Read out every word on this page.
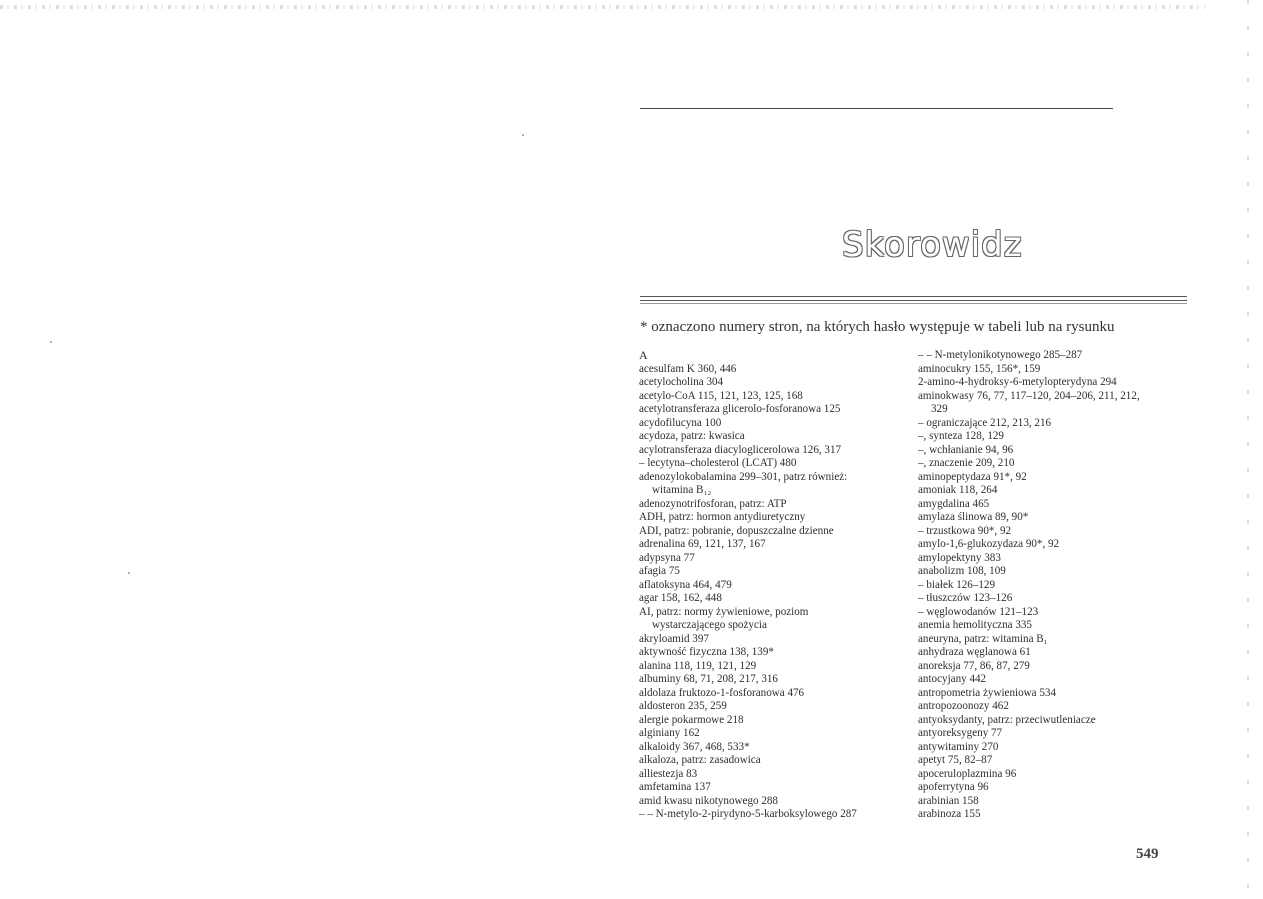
Skorowidz
* oznaczono numery stron, na których hasło występuje w tabeli lub na rysunku
A
acesulfam K 360, 446
acetylocholina 304
acetylo-CoA 115, 121, 123, 125, 168
acetylotransferaza glicerolo-fosforanowa 125
acydofilucyna 100
acydoza, patrz: kwasica
acylotransferaza diacyloglicerolowa 126, 317
– lecytyna–cholesterol (LCAT) 480
adenozylokobalamina 299–301, patrz również:
witamina B₁₂
adenozynotrifosforan, patrz: ATP
ADH, patrz: hormon antydiuretyczny
ADI, patrz: pobranie, dopuszczalne dzienne
adrenalina 69, 121, 137, 167
adypsyna 77
afagia 75
aflatoksyna 464, 479
agar 158, 162, 448
AI, patrz: normy żywieniowe, poziom
wystarczającego spożycia
akryloamid 397
aktywność fizyczna 138, 139*
alanina 118, 119, 121, 129
albuminy 68, 71, 208, 217, 316
aldolaza fruktozo-1-fosforanowa 476
aldosteron 235, 259
alergie pokarmowe 218
alginiany 162
alkaloidy 367, 468, 533*
alkaloza, patrz: zasadowica
alliestezja 83
amfetamina 137
amid kwasu nikotynowego 288
– – N-metylo-2-pirydyno-5-karboksylowego 287
– – N-metylonikotynowego 285–287
aminocukry 155, 156*, 159
2-amino-4-hydroksy-6-metylopterydyna 294
aminokwasy 76, 77, 117–120, 204–206, 211, 212,
329
– ograniczające 212, 213, 216
–, synteza 128, 129
–, wchłanianie 94, 96
–, znaczenie 209, 210
aminopeptydaza 91*, 92
amoniak 118, 264
amygdalina 465
amylaza ślinowa 89, 90*
– trzustkowa 90*, 92
amylo-1,6-glukozydaza 90*, 92
amylopektyny 383
anabolizm 108, 109
– białek 126–129
– tłuszczów 123–126
– węglowodanów 121–123
anemia hemolityczna 335
aneuryna, patrz: witamina B₁
anhydraza węglanowa 61
anoreksja 77, 86, 87, 279
antocyjany 442
antropometria żywieniowa 534
antropozoonozy 462
antyoksydanty, patrz: przeciwutleniacze
antyoreksygeny 77
antywitaminy 270
apetyt 75, 82–87
apoceruloplazmina 96
apoferrytyna 96
arabinian 158
arabinoza 155
549
